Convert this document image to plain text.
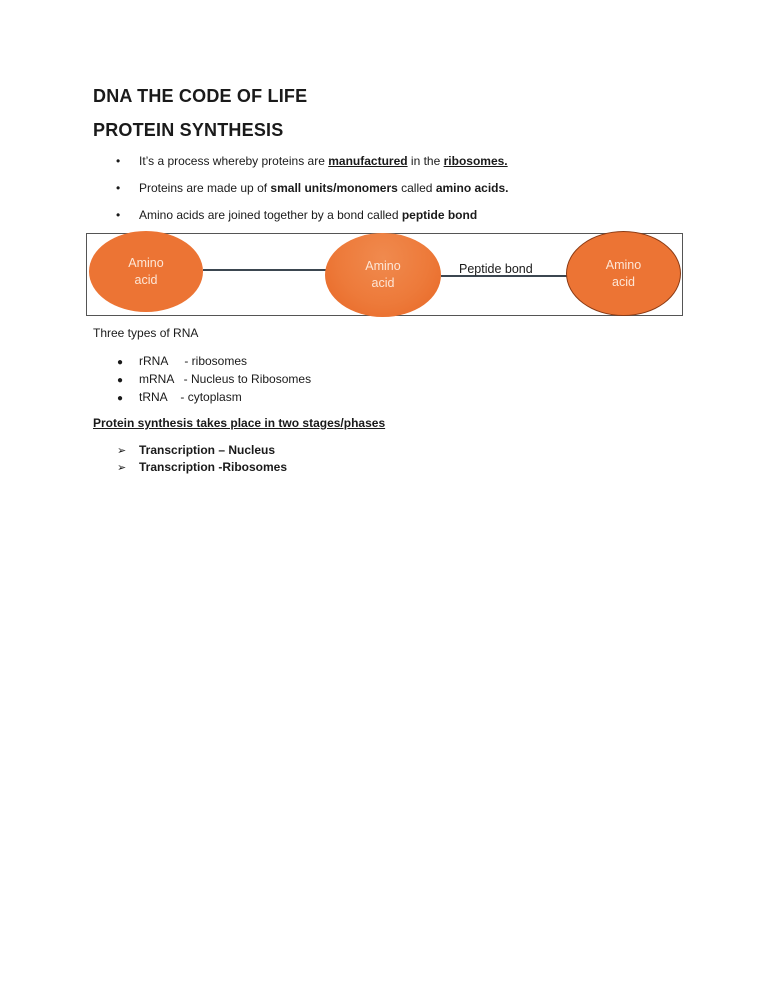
DNA THE CODE OF LIFE
PROTEIN SYNTHESIS
• It’s a process whereby proteins are manufactured in the ribosomes.
• Proteins are made up of small units/monomers called amino acids.
• Amino acids are joined together by a bond called peptide bond
Amino
acid
Amino
acid
Amino
acid
Peptide bond
Three types of RNA
● rRNA     - ribosomes
● mRNA   - Nucleus to Ribosomes
● tRNA    - cytoplasm
Protein synthesis takes place in two stages/phases
➢ Transcription – Nucleus
➢ Transcription -Ribosomes
